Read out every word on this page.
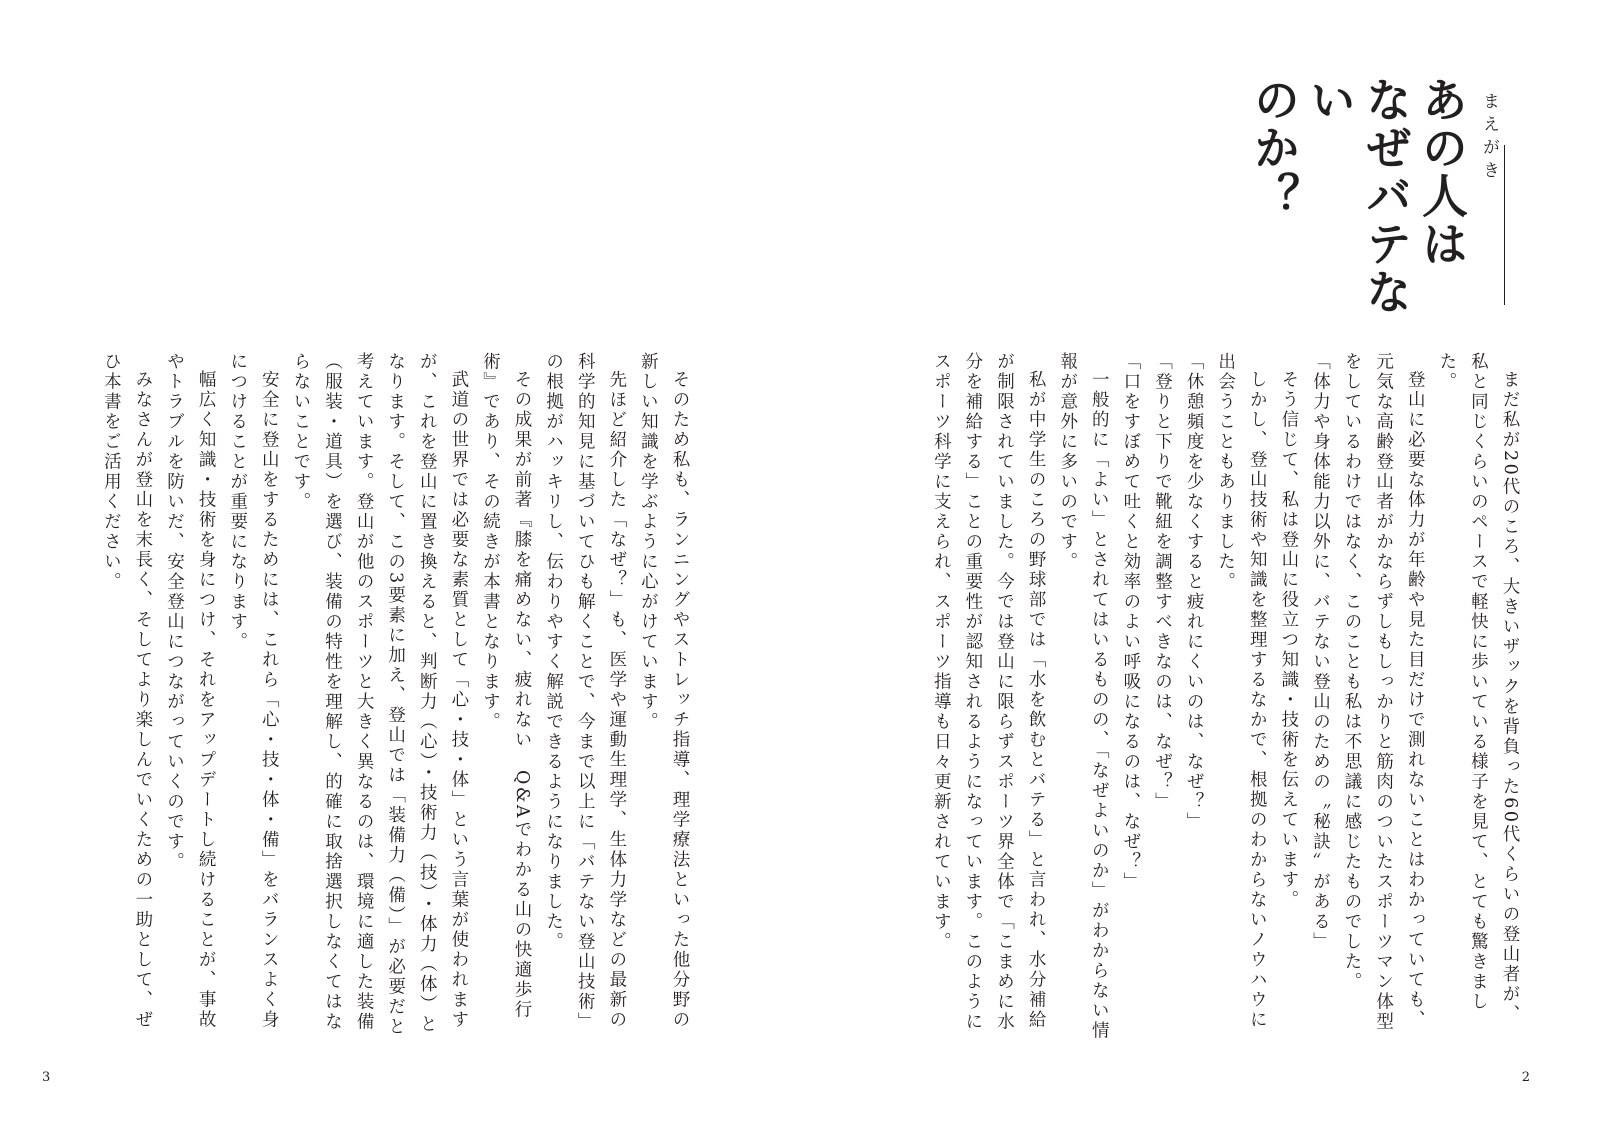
まえがき
あの人は
なぜバテない
のか？
まだ私が20代のころ、大きいザックを背負った60代くらいの登山者が、私と同じくらいのペースで軽快に歩いている様子を見て、とても驚きました。
登山に必要な体力が年齢や見た目だけで測れないことはわかっていても、元気な高齢登山者がかならずしもしっかりと筋肉のついたスポーツマン体型をしているわけではなく、このことも私は不思議に感じたものでした。
「体力や身体能力以外に、バテない登山のための〝秘訣〟がある」
そう信じて、私は登山に役立つ知識・技術を伝えています。
しかし、登山技術や知識を整理するなかで、根拠のわからないノウハウに出会うこともありました。
「休憩頻度を少なくすると疲れにくいのは、なぜ？」
「登りと下りで靴紐を調整すべきなのは、なぜ？」
「口をすぼめて吐くと効率のよい呼吸になるのは、なぜ？」
一般的に「よい」とされてはいるものの、「なぜよいのか」がわからない情報が意外に多いのです。
私が中学生のころの野球部では「水を飲むとバテる」と言われ、水分補給が制限されていました。今では登山に限らずスポーツ界全体で「こまめに水分を補給する」ことの重要性が認知されるようになっています。このようにスポーツ科学に支えられ、スポーツ指導も日々更新されています。
2
そのため私も、ランニングやストレッチ指導、理学療法といった他分野の新しい知識を学ぶように心がけています。
先ほど紹介した「なぜ？」も、医学や運動生理学、生体力学などの最新の科学的知見に基づいてひも解くことで、今まで以上に「バテない登山技術」の根拠がハッキリし、伝わりやすく解説できるようになりました。
その成果が前著『膝を痛めない、疲れない　Q&Aでわかる山の快適歩行術』であり、その続きが本書となります。
武道の世界では必要な素質として「心・技・体」という言葉が使われますが、これを登山に置き換えると、判断力（心）・技術力（技）・体力（体）となります。そして、この3要素に加え、登山では「装備力（備）」が必要だと考えています。登山が他のスポーツと大きく異なるのは、環境に適した装備（服装・道具）を選び、装備の特性を理解し、的確に取捨選択しなくてはならないことです。
安全に登山をするためには、これら「心・技・体・備」をバランスよく身につけることが重要になります。
幅広く知識・技術を身につけ、それをアップデートし続けることが、事故やトラブルを防いだ、安全登山につながっていくのです。
みなさんが登山を末長く、そしてより楽しんでいくための一助として、ぜひ本書をご活用ください。
3
